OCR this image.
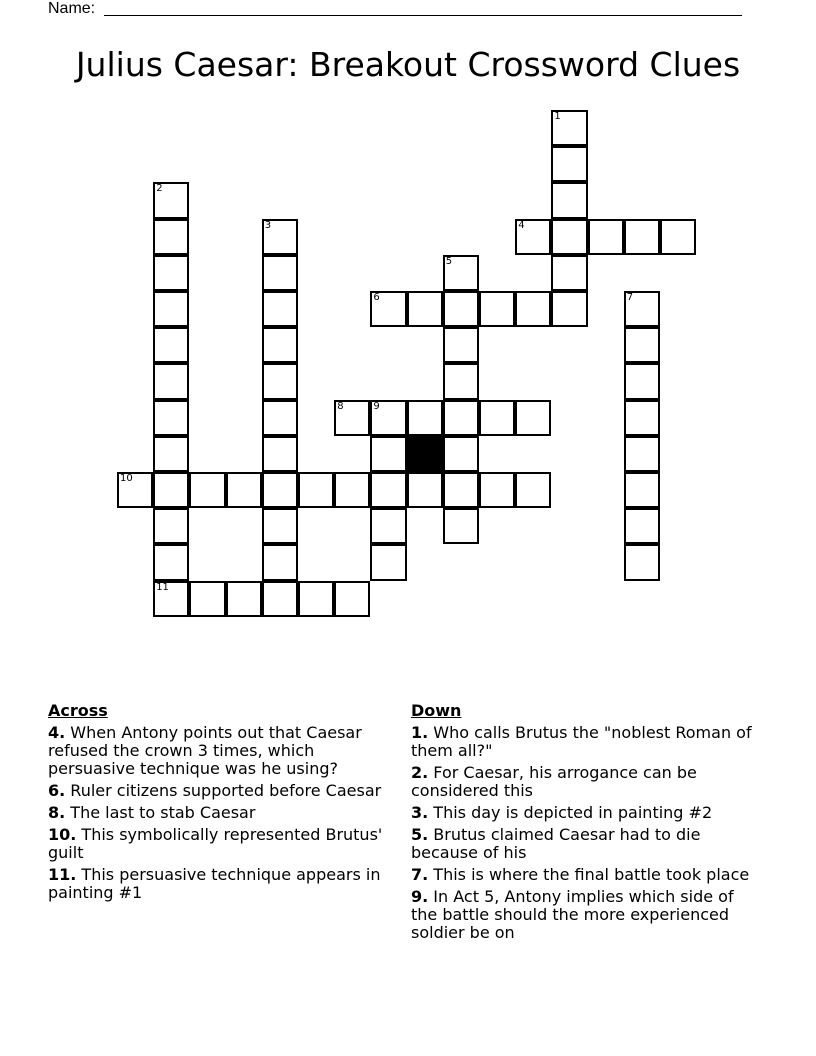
Name:
Julius Caesar: Breakout Crossword Clues
1
2
3	4
5
6	7
8	9
10
11
Across
4. When Antony points out that Caesar refused the crown 3 times, which persuasive technique was he using?
6. Ruler citizens supported before Caesar
8. The last to stab Caesar
10. This symbolically represented Brutus' guilt
11. This persuasive technique appears in painting #1
Down
1. Who calls Brutus the "noblest Roman of them all?"
2. For Caesar, his arrogance can be considered this
3. This day is depicted in painting #2
5. Brutus claimed Caesar had to die because of his
7. This is where the final battle took place
9. In Act 5, Antony implies which side of the battle should the more experienced soldier be on
